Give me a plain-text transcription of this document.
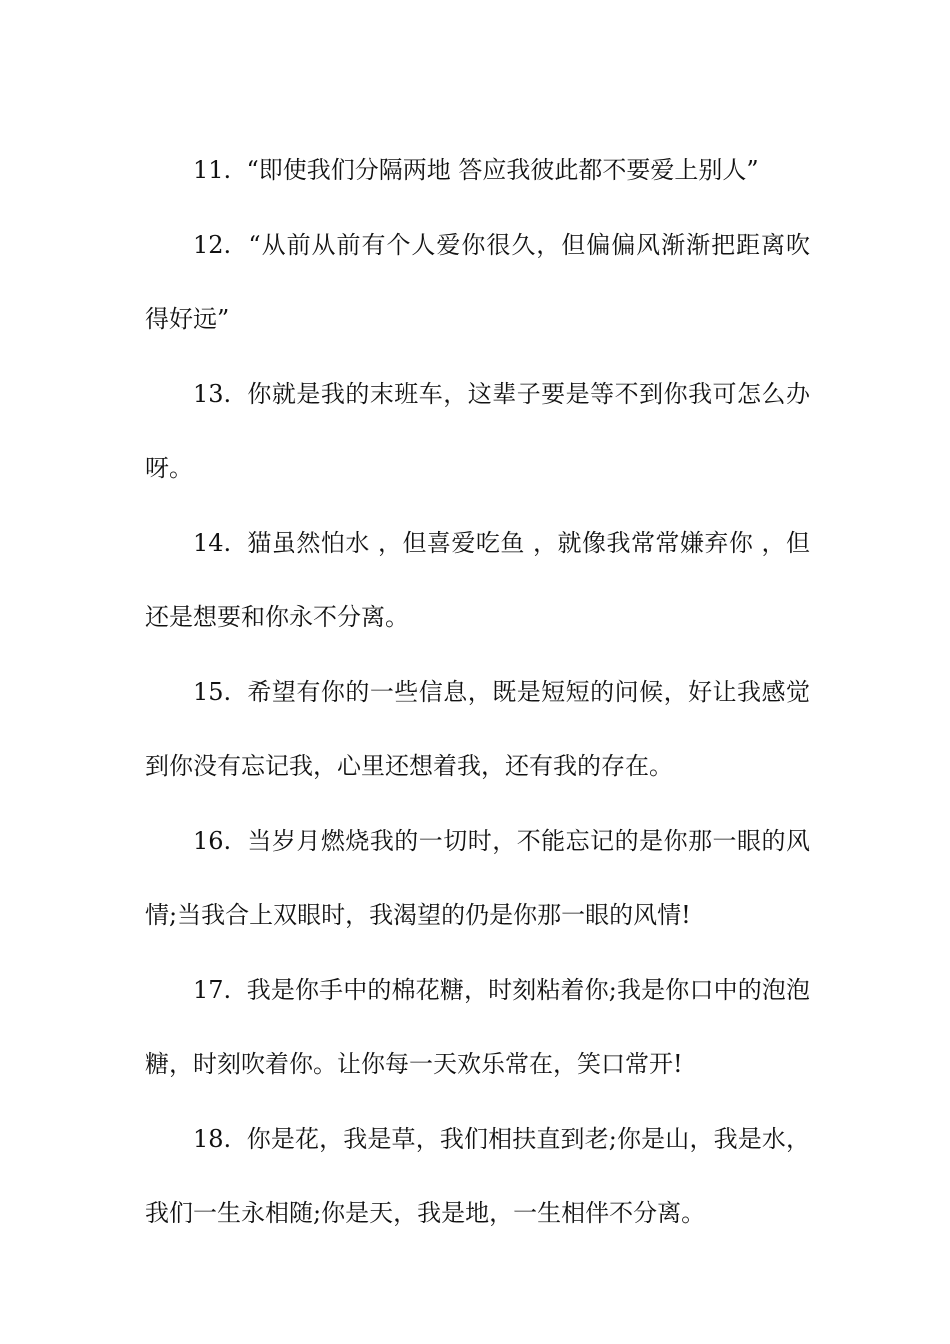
11. “即使我们分隔两地 答应我彼此都不要爱上别人”

12. “从前从前有个人爱你很久，但偏偏风渐渐把距离吹得好远”

13. 你就是我的末班车，这辈子要是等不到你我可怎么办呀。

14. 猫虽然怕水 ，但喜爱吃鱼 ，就像我常常嫌弃你 ，但还是想要和你永不分离。

15. 希望有你的一些信息，既是短短的问候，好让我感觉到你没有忘记我，心里还想着我，还有我的存在。

16. 当岁月燃烧我的一切时，不能忘记的是你那一眼的风情;当我合上双眼时，我渴望的仍是你那一眼的风情!

17. 我是你手中的棉花糖，时刻粘着你;我是你口中的泡泡糖，时刻吹着你。让你每一天欢乐常在，笑口常开!

18. 你是花，我是草，我们相扶直到老;你是山，我是水，我们一生永相随;你是天，我是地，一生相伴不分离。
